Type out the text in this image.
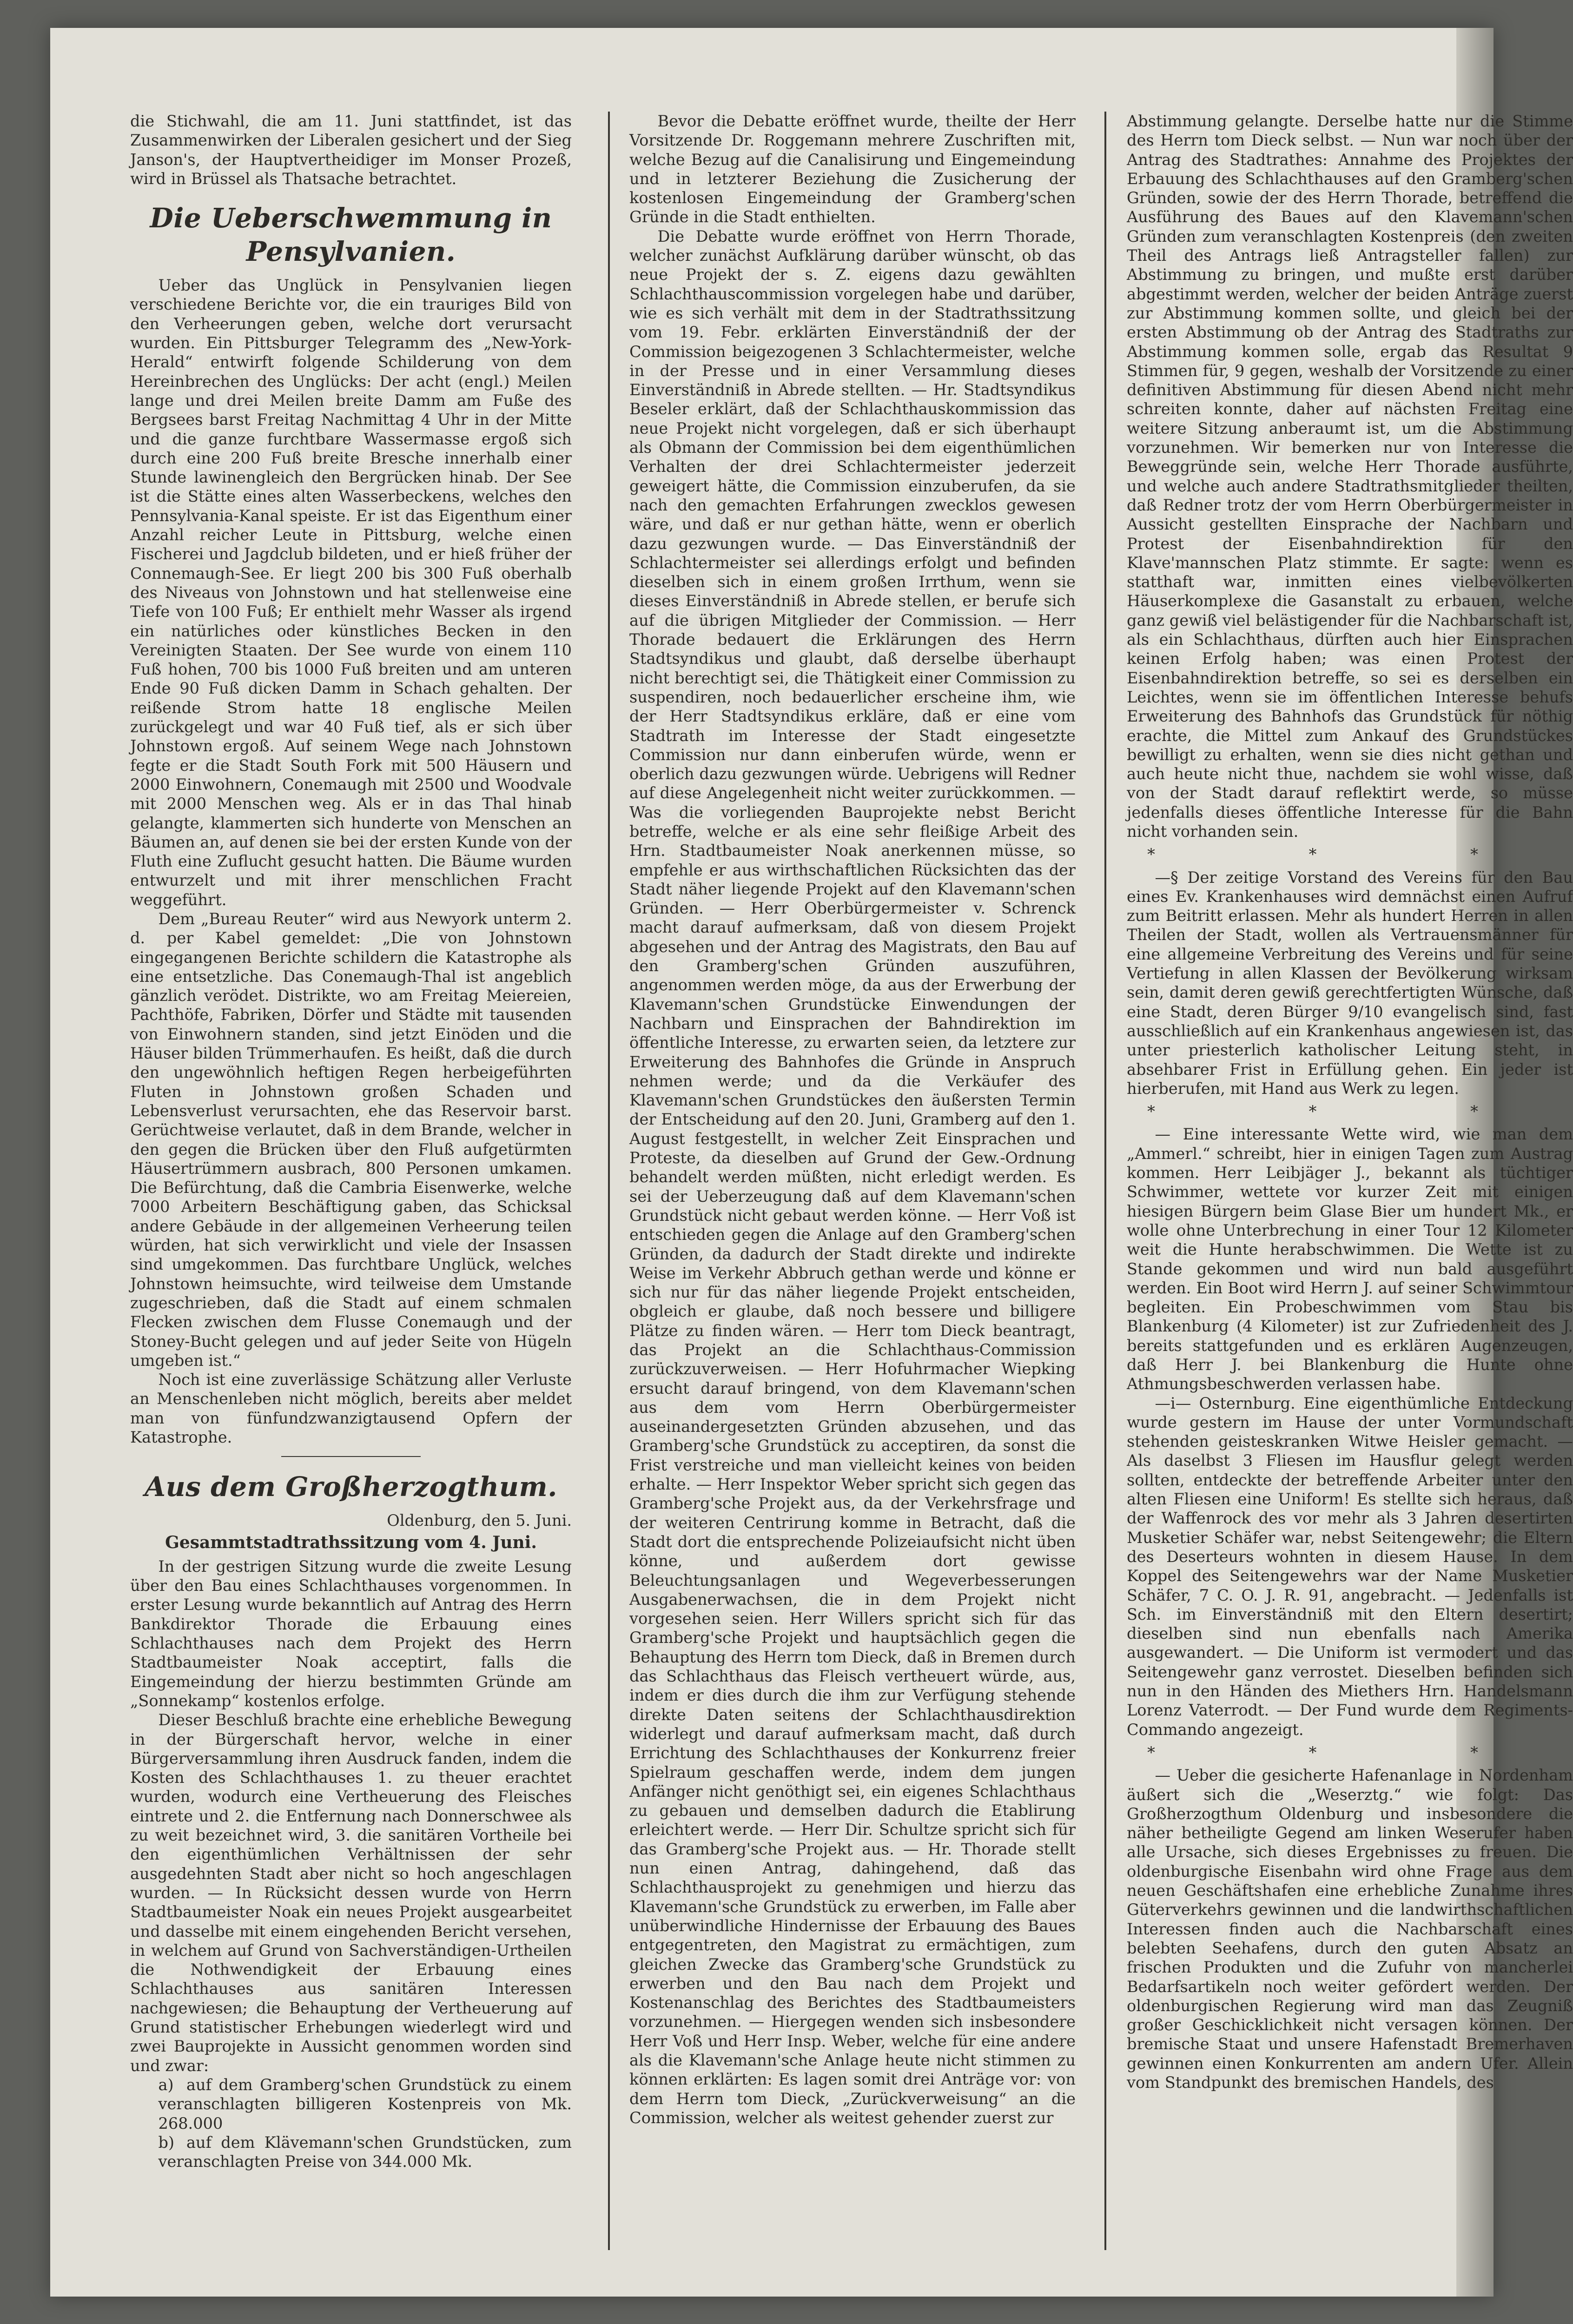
die Stichwahl, die am 11. Juni stattfindet, ist das Zusammenwirken der Liberalen gesichert und der Sieg Janson's, der Hauptvertheidiger im Monser Prozeß, wird in Brüssel als Thatsache betrachtet.

Die Ueberschwemmung in Pensylvanien.

Ueber das Unglück in Pensylvanien liegen verschiedene Berichte vor, die ein trauriges Bild von den Verheerungen geben, welche dort verursacht wurden. Ein Pittsburger Telegramm des „New-York-Herald“ entwirft folgende Schilderung von dem Hereinbrechen des Unglücks: Der acht (engl.) Meilen lange und drei Meilen breite Damm am Fuße des Bergsees barst Freitag Nachmittag 4 Uhr in der Mitte und die ganze furchtbare Wassermasse ergoß sich durch eine 200 Fuß breite Bresche innerhalb einer Stunde lawinengleich den Bergrücken hinab. Der See ist die Stätte eines alten Wasserbeckens, welches den Pennsylvania-Kanal speiste. Er ist das Eigenthum einer Anzahl reicher Leute in Pittsburg, welche einen Fischerei und Jagdclub bildeten, und er hieß früher der Connemaugh-See. Er liegt 200 bis 300 Fuß oberhalb des Niveaus von Johnstown und hat stellenweise eine Tiefe von 100 Fuß; Er enthielt mehr Wasser als irgend ein natürliches oder künstliches Becken in den Vereinigten Staaten. Der See wurde von einem 110 Fuß hohen, 700 bis 1000 Fuß breiten und am unteren Ende 90 Fuß dicken Damm in Schach gehalten. Der reißende Strom hatte 18 englische Meilen zurückgelegt und war 40 Fuß tief, als er sich über Johnstown ergoß. Auf seinem Wege nach Johnstown fegte er die Stadt South Fork mit 500 Häusern und 2000 Einwohnern, Conemaugh mit 2500 und Woodvale mit 2000 Menschen weg. Als er in das Thal hinab gelangte, klammerten sich hunderte von Menschen an Bäumen an, auf denen sie bei der ersten Kunde von der Fluth eine Zuflucht gesucht hatten. Die Bäume wurden entwurzelt und mit ihrer menschlichen Fracht weggeführt.

Dem „Bureau Reuter“ wird aus Newyork unterm 2. d. per Kabel gemeldet: „Die von Johnstown eingegangenen Berichte schildern die Katastrophe als eine entsetzliche. Das Conemaugh-Thal ist angeblich gänzlich verödet. Distrikte, wo am Freitag Meiereien, Pachthöfe, Fabriken, Dörfer und Städte mit tausenden von Einwohnern standen, sind jetzt Einöden und die Häuser bilden Trümmerhaufen. Es heißt, daß die durch den ungewöhnlich heftigen Regen herbeigeführten Fluten in Johnstown großen Schaden und Lebensverlust verursachten, ehe das Reservoir barst. Gerüchtweise verlautet, daß in dem Brande, welcher in den gegen die Brücken über den Fluß aufgetürmten Häusertrümmern ausbrach, 800 Personen umkamen. Die Befürchtung, daß die Cambria Eisenwerke, welche 7000 Arbeitern Beschäftigung gaben, das Schicksal andere Gebäude in der allgemeinen Verheerung teilen würden, hat sich verwirklicht und viele der Insassen sind umgekommen. Das furchtbare Unglück, welches Johnstown heimsuchte, wird teilweise dem Umstande zugeschrieben, daß die Stadt auf einem schmalen Flecken zwischen dem Flusse Conemaugh und der Stoney-Bucht gelegen und auf jeder Seite von Hügeln umgeben ist.“

Noch ist eine zuverlässige Schätzung aller Verluste an Menschenleben nicht möglich, bereits aber meldet man von fünfundzwanzigtausend Opfern der Katastrophe.

Aus dem Großherzogthum.

Oldenburg, den 5. Juni.

Gesammtstadtrathssitzung vom 4. Juni.

In der gestrigen Sitzung wurde die zweite Lesung über den Bau eines Schlachthauses vorgenommen. In erster Lesung wurde bekanntlich auf Antrag des Herrn Bankdirektor Thorade die Erbauung eines Schlachthauses nach dem Projekt des Herrn Stadtbaumeister Noak acceptirt, falls die Eingemeindung der hierzu bestimmten Gründe am „Sonnekamp“ kostenlos erfolge.

Dieser Beschluß brachte eine erhebliche Bewegung in der Bürgerschaft hervor, welche in einer Bürgerversammlung ihren Ausdruck fanden, indem die Kosten des Schlachthauses 1. zu theuer erachtet wurden, wodurch eine Vertheuerung des Fleisches eintrete und 2. die Entfernung nach Donnerschwee als zu weit bezeichnet wird, 3. die sanitären Vortheile bei den eigenthümlichen Verhältnissen der sehr ausgedehnten Stadt aber nicht so hoch angeschlagen wurden. — In Rücksicht dessen wurde von Herrn Stadtbaumeister Noak ein neues Projekt ausgearbeitet und dasselbe mit einem eingehenden Bericht versehen, in welchem auf Grund von Sachverständigen-Urtheilen die Nothwendigkeit der Erbauung eines Schlachthauses aus sanitären Interessen nachgewiesen; die Behauptung der Vertheuerung auf Grund statistischer Erhebungen wiederlegt wird und zwei Bauprojekte in Aussicht genommen worden sind und zwar:

a) auf dem Gramberg'schen Grundstück zu einem veranschlagten billigeren Kostenpreis von Mk. 268.000

b) auf dem Klävemann'schen Grundstücken, zum veranschlagten Preise von 344.000 Mk.

Bevor die Debatte eröffnet wurde, theilte der Herr Vorsitzende Dr. Roggemann mehrere Zuschriften mit, welche Bezug auf die Canalisirung und Eingemeindung und in letzterer Beziehung die Zusicherung der kostenlosen Eingemeindung der Gramberg'schen Gründe in die Stadt enthielten.

Die Debatte wurde eröffnet von Herrn Thorade, welcher zunächst Aufklärung darüber wünscht, ob das neue Projekt der s. Z. eigens dazu gewählten Schlachthauscommission vorgelegen habe und darüber, wie es sich verhält mit dem in der Stadtrathssitzung vom 19. Febr. erklärten Einverständniß der der Commission beigezogenen 3 Schlachtermeister, welche in der Presse und in einer Versammlung dieses Einverständniß in Abrede stellten. — Hr. Stadtsyndikus Beseler erklärt, daß der Schlachthauskommission das neue Projekt nicht vorgelegen, daß er sich überhaupt als Obmann der Commission bei dem eigenthümlichen Verhalten der drei Schlachtermeister jederzeit geweigert hätte, die Commission einzuberufen, da sie nach den gemachten Erfahrungen zwecklos gewesen wäre, und daß er nur gethan hätte, wenn er oberlich dazu gezwungen wurde. — Das Einverständniß der Schlachtermeister sei allerdings erfolgt und befinden dieselben sich in einem großen Irrthum, wenn sie dieses Einverständniß in Abrede stellen, er berufe sich auf die übrigen Mitglieder der Commission. — Herr Thorade bedauert die Erklärungen des Herrn Stadtsyndikus und glaubt, daß derselbe überhaupt nicht berechtigt sei, die Thätigkeit einer Commission zu suspendiren, noch bedauerlicher erscheine ihm, wie der Herr Stadtsyndikus erkläre, daß er eine vom Stadtrath im Interesse der Stadt eingesetzte Commission nur dann einberufen würde, wenn er oberlich dazu gezwungen würde. Uebrigens will Redner auf diese Angelegenheit nicht weiter zurückkommen. — Was die vorliegenden Bauprojekte nebst Bericht betreffe, welche er als eine sehr fleißige Arbeit des Hrn. Stadtbaumeister Noak anerkennen müsse, so empfehle er aus wirthschaftlichen Rücksichten das der Stadt näher liegende Projekt auf den Klavemann'schen Gründen. — Herr Oberbürgermeister v. Schrenck macht darauf aufmerksam, daß von diesem Projekt abgesehen und der Antrag des Magistrats, den Bau auf den Gramberg'schen Gründen auszuführen, angenommen werden möge, da aus der Erwerbung der Klavemann'schen Grundstücke Einwendungen der Nachbarn und Einsprachen der Bahndirektion im öffentliche Interesse, zu erwarten seien, da letztere zur Erweiterung des Bahnhofes die Gründe in Anspruch nehmen werde; und da die Verkäufer des Klavemann'schen Grundstückes den äußersten Termin der Entscheidung auf den 20. Juni, Gramberg auf den 1. August festgestellt, in welcher Zeit Einsprachen und Proteste, da dieselben auf Grund der Gew.-Ordnung behandelt werden müßten, nicht erledigt werden. Es sei der Ueberzeugung daß auf dem Klavemann'schen Grundstück nicht gebaut werden könne. — Herr Voß ist entschieden gegen die Anlage auf den Gramberg'schen Gründen, da dadurch der Stadt direkte und indirekte Weise im Verkehr Abbruch gethan werde und könne er sich nur für das näher liegende Projekt entscheiden, obgleich er glaube, daß noch bessere und billigere Plätze zu finden wären. — Herr tom Dieck beantragt, das Projekt an die Schlachthaus-Commission zurückzuverweisen. — Herr Hofuhrmacher Wiepking ersucht darauf bringend, von dem Klavemann'schen aus dem vom Herrn Oberbürgermeister auseinandergesetzten Gründen abzusehen, und das Gramberg'sche Grundstück zu acceptiren, da sonst die Frist verstreiche und man vielleicht keines von beiden erhalte. — Herr Inspektor Weber spricht sich gegen das Gramberg'sche Projekt aus, da der Verkehrsfrage und der weiteren Centrirung komme in Betracht, daß die Stadt dort die entsprechende Polizeiaufsicht nicht üben könne, und außerdem dort gewisse Beleuchtungsanlagen und Wegeverbesserungen Ausgabenerwachsen, die in dem Projekt nicht vorgesehen seien. Herr Willers spricht sich für das Gramberg'sche Projekt und hauptsächlich gegen die Behauptung des Herrn tom Dieck, daß in Bremen durch das Schlachthaus das Fleisch vertheuert würde, aus, indem er dies durch die ihm zur Verfügung stehende direkte Daten seitens der Schlachthausdirektion widerlegt und darauf aufmerksam macht, daß durch Errichtung des Schlachthauses der Konkurrenz freier Spielraum geschaffen werde, indem dem jungen Anfänger nicht genöthigt sei, ein eigenes Schlachthaus zu gebauen und demselben dadurch die Etablirung erleichtert werde. — Herr Dir. Schultze spricht sich für das Gramberg'sche Projekt aus. — Hr. Thorade stellt nun einen Antrag, dahingehend, daß das Schlachthausprojekt zu genehmigen und hierzu das Klavemann'sche Grundstück zu erwerben, im Falle aber unüberwindliche Hindernisse der Erbauung des Baues entgegentreten, den Magistrat zu ermächtigen, zum gleichen Zwecke das Gramberg'sche Grundstück zu erwerben und den Bau nach dem Projekt und Kostenanschlag des Berichtes des Stadtbaumeisters vorzunehmen. — Hiergegen wenden sich insbesondere Herr Voß und Herr Insp. Weber, welche für eine andere als die Klavemann'sche Anlage heute nicht stimmen zu können erklärten: Es lagen somit drei Anträge vor: von dem Herrn tom Dieck, „Zurückverweisung“ an die Commission, welcher als weitest gehender zuerst zur

Abstimmung gelangte. Derselbe hatte nur die Stimme des Herrn tom Dieck selbst. — Nun war noch über der Antrag des Stadtrathes: Annahme des Projektes der Erbauung des Schlachthauses auf den Gramberg'schen Gründen, sowie der des Herrn Thorade, betreffend die Ausführung des Baues auf den Klavemann'schen Gründen zum veranschlagten Kostenpreis (den zweiten Theil des Antrags ließ Antragsteller fallen) zur Abstimmung zu bringen, und mußte erst darüber abgestimmt werden, welcher der beiden Anträge zuerst zur Abstimmung kommen sollte, und gleich bei der ersten Abstimmung ob der Antrag des Stadtraths zur Abstimmung kommen solle, ergab das Resultat 9 Stimmen für, 9 gegen, weshalb der Vorsitzende zu einer definitiven Abstimmung für diesen Abend nicht mehr schreiten konnte, daher auf nächsten Freitag eine weitere Sitzung anberaumt ist, um die Abstimmung vorzunehmen. Wir bemerken nur von Interesse die Beweggründe sein, welche Herr Thorade ausführte, und welche auch andere Stadtrathsmitglieder theilten, daß Redner trotz der vom Herrn Oberbürgermeister in Aussicht gestellten Einsprache der Nachbarn und Protest der Eisenbahndirektion für den Klave'mannschen Platz stimmte. Er sagte: wenn es statthaft war, inmitten eines vielbevölkerten Häuserkomplexe die Gasanstalt zu erbauen, welche ganz gewiß viel belästigender für die Nachbarschaft ist, als ein Schlachthaus, dürften auch hier Einsprachen keinen Erfolg haben; was einen Protest der Eisenbahndirektion betreffe, so sei es derselben ein Leichtes, wenn sie im öffentlichen Interesse behufs Erweiterung des Bahnhofs das Grundstück für nöthig erachte, die Mittel zum Ankauf des Grundstückes bewilligt zu erhalten, wenn sie dies nicht gethan und auch heute nicht thue, nachdem sie wohl wisse, daß von der Stadt darauf reflektirt werde, so müsse jedenfalls dieses öffentliche Interesse für die Bahn nicht vorhanden sein.

* * *

—§ Der zeitige Vorstand des Vereins für den Bau eines Ev. Krankenhauses wird demnächst einen Aufruf zum Beitritt erlassen. Mehr als hundert Herren in allen Theilen der Stadt, wollen als Vertrauensmänner für eine allgemeine Verbreitung des Vereins und für seine Vertiefung in allen Klassen der Bevölkerung wirksam sein, damit deren gewiß gerechtfertigten Wünsche, daß eine Stadt, deren Bürger 9/10 evangelisch sind, fast ausschließlich auf ein Krankenhaus angewiesen ist, das unter priesterlich katholischer Leitung steht, in absehbarer Frist in Erfüllung gehen. Ein jeder ist hierberufen, mit Hand aus Werk zu legen.

* * *

— Eine interessante Wette wird, wie man dem „Ammerl.“ schreibt, hier in einigen Tagen zum Austrag kommen. Herr Leibjäger J., bekannt als tüchtiger Schwimmer, wettete vor kurzer Zeit mit einigen hiesigen Bürgern beim Glase Bier um hundert Mk., er wolle ohne Unterbrechung in einer Tour 12 Kilometer weit die Hunte herabschwimmen. Die Wette ist zu Stande gekommen und wird nun bald ausgeführt werden. Ein Boot wird Herrn J. auf seiner Schwimmtour begleiten. Ein Probeschwimmen vom Stau bis Blankenburg (4 Kilometer) ist zur Zufriedenheit des J. bereits stattgefunden und es erklären Augenzeugen, daß Herr J. bei Blankenburg die Hunte ohne Athmungsbeschwerden verlassen habe.

—i— Osternburg. Eine eigenthümliche Entdeckung wurde gestern im Hause der unter Vormundschaft stehenden geisteskranken Witwe Heisler gemacht. — Als daselbst 3 Fliesen im Hausflur gelegt werden sollten, entdeckte der betreffende Arbeiter unter den alten Fliesen eine Uniform! Es stellte sich heraus, daß der Waffenrock des vor mehr als 3 Jahren desertirten Musketier Schäfer war, nebst Seitengewehr; die Eltern des Deserteurs wohnten in diesem Hause. In dem Koppel des Seitengewehrs war der Name Musketier Schäfer, 7 C. O. J. R. 91, angebracht. — Jedenfalls ist Sch. im Einverständniß mit den Eltern desertirt; dieselben sind nun ebenfalls nach Amerika ausgewandert. — Die Uniform ist vermodert und das Seitengewehr ganz verrostet. Dieselben befinden sich nun in den Händen des Miethers Hrn. Handelsmann Lorenz Vaterrodt. — Der Fund wurde dem Regiments-Commando angezeigt.

* * *

— Ueber die gesicherte Hafenanlage in Nordenham äußert sich die „Weserztg.“ wie folgt: Das Großherzogthum Oldenburg und insbesondere die näher betheiligte Gegend am linken Weserufer haben alle Ursache, sich dieses Ergebnisses zu freuen. Die oldenburgische Eisenbahn wird ohne Frage aus dem neuen Geschäftshafen eine erhebliche Zunahme ihres Güterverkehrs gewinnen und die landwirthschaftlichen Interessen finden auch die Nachbarschaft eines belebten Seehafens, durch den guten Absatz an frischen Produkten und die Zufuhr von mancherlei Bedarfsartikeln noch weiter gefördert werden. Der oldenburgischen Regierung wird man das Zeugniß großer Geschicklichkeit nicht versagen können. Der bremische Staat und unsere Hafenstadt Bremerhaven gewinnen einen Konkurrenten am andern Ufer. Allein vom Standpunkt des bremischen Handels, des
